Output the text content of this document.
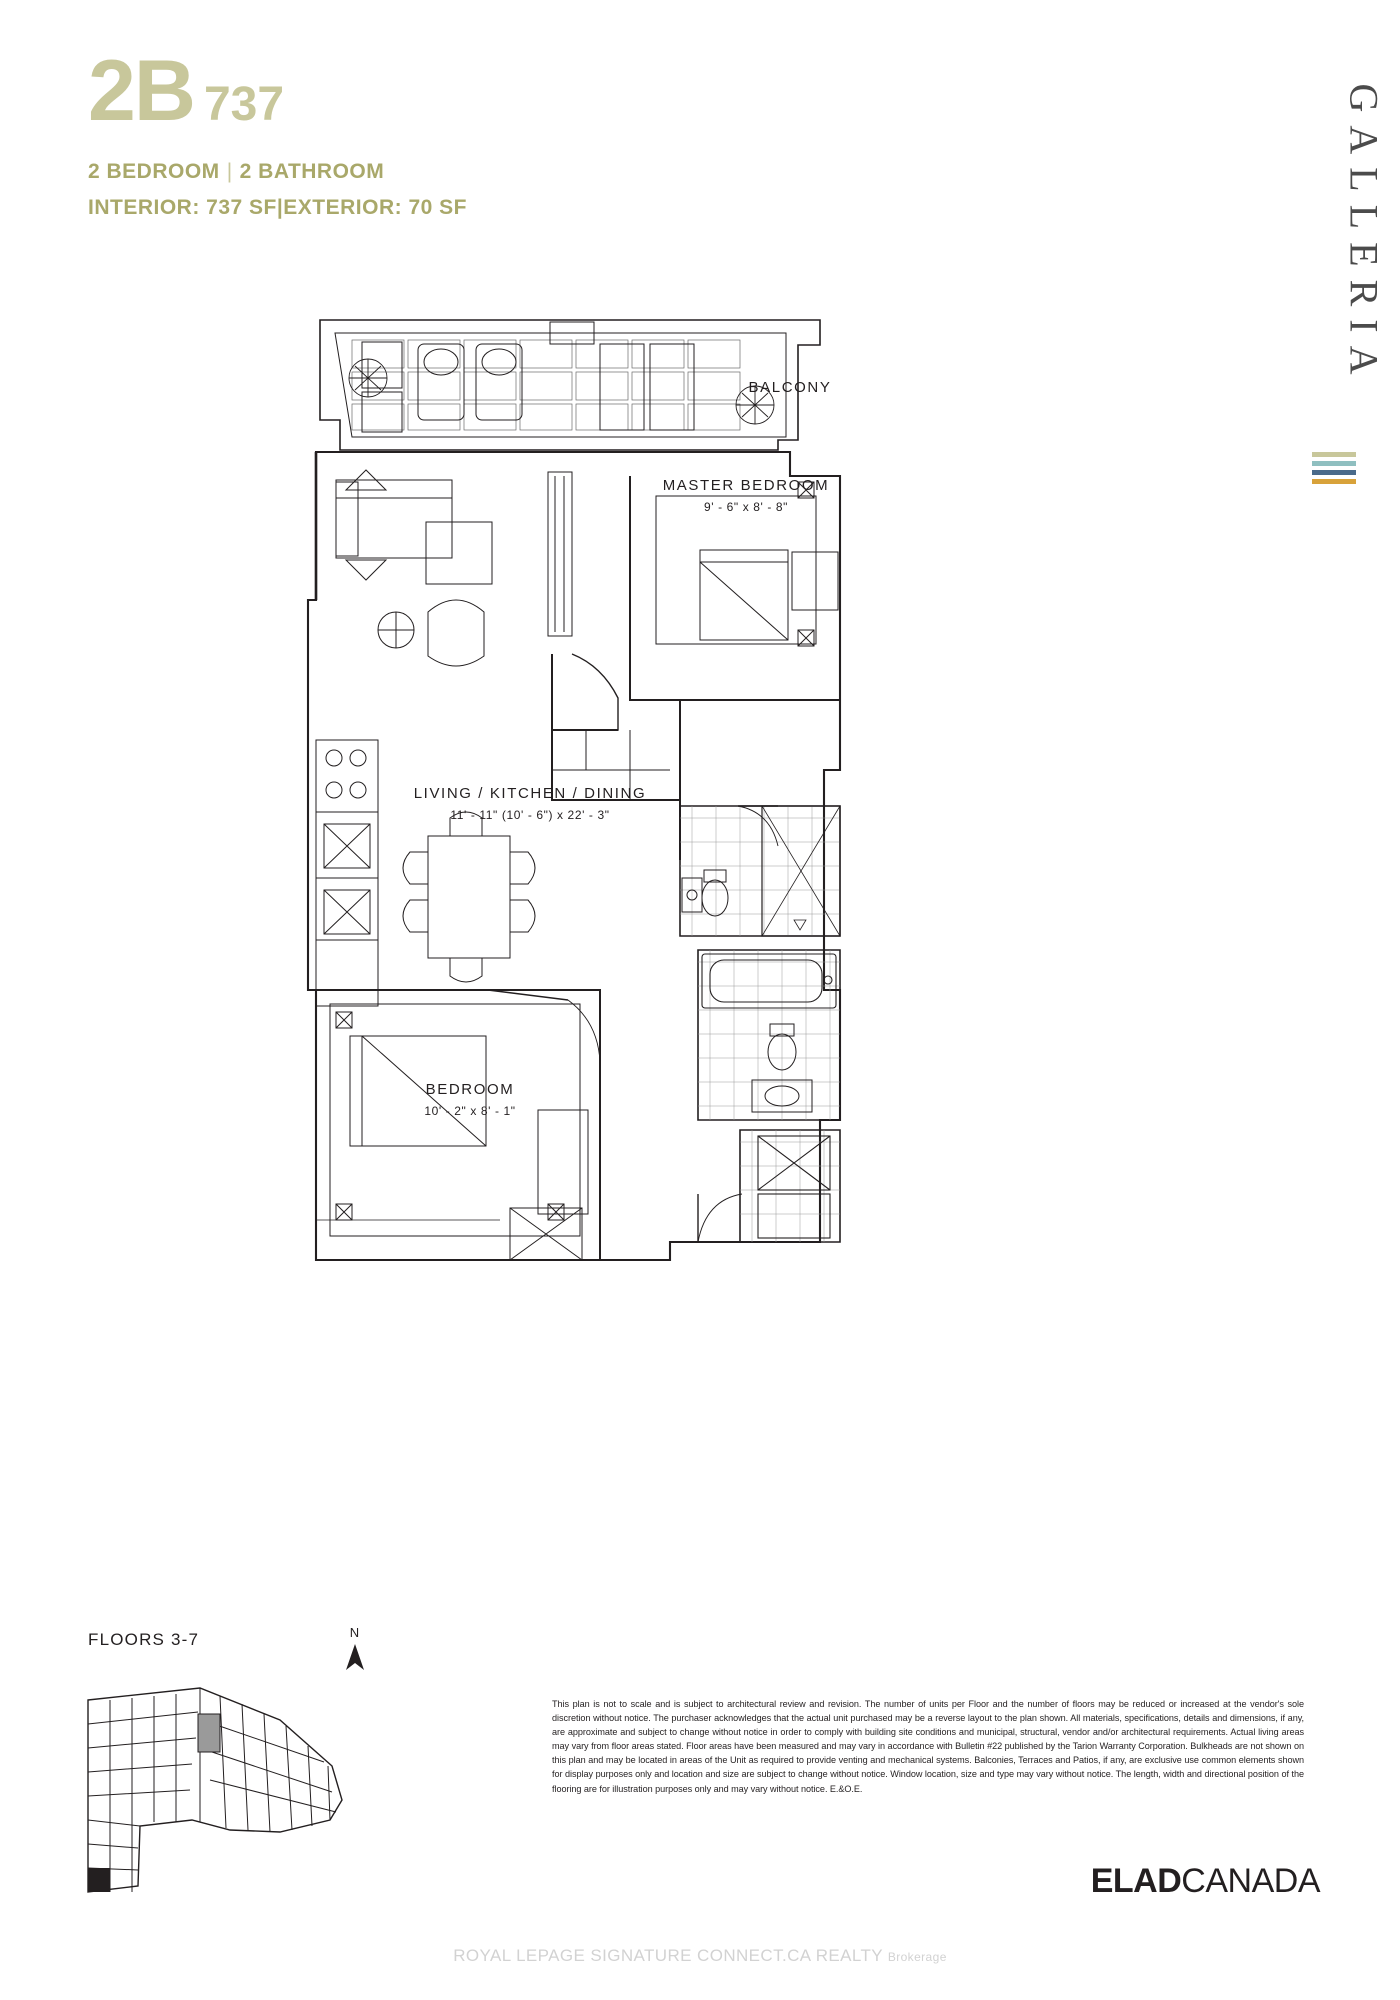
2B 737
2 BEDROOM | 2 BATHROOM
INTERIOR: 737 SF|EXTERIOR: 70 SF	GALLERIA
BALCONY
MASTER BEDROOM
9' - 6" x 8' - 8"
LIVING / KITCHEN / DINING
11' - 11" (10' - 6") x 22' - 3"
BEDROOM
10' - 2" x 8' - 1"
FLOORS 3-7	N
This plan is not to scale and is subject to architectural review and revision. The number of units per Floor and the number of floors may be reduced or increased at the vendor's sole discretion without notice. The purchaser acknowledges that the actual unit purchased may be a reverse layout to the plan shown. All materials, specifications, details and dimensions, if any, are approximate and subject to change without notice in order to comply with building site conditions and municipal, structural, vendor and/or architectural requirements. Actual living areas may vary from floor areas stated. Floor areas have been measured and may vary in accordance with Bulletin #22 published by the Tarion Warranty Corporation. Bulkheads are not shown on this plan and may be located in areas of the Unit as required to provide venting and mechanical systems. Balconies, Terraces and Patios, if any, are exclusive use common elements shown for display purposes only and location and size are subject to change without notice. Window location, size and type may vary without notice. The length, width and directional position of the flooring are for illustration purposes only and may vary without notice. E.&O.E.
ELADCANADA
ROYAL LEPAGE SIGNATURE CONNECT.CA REALTY Brokerage
